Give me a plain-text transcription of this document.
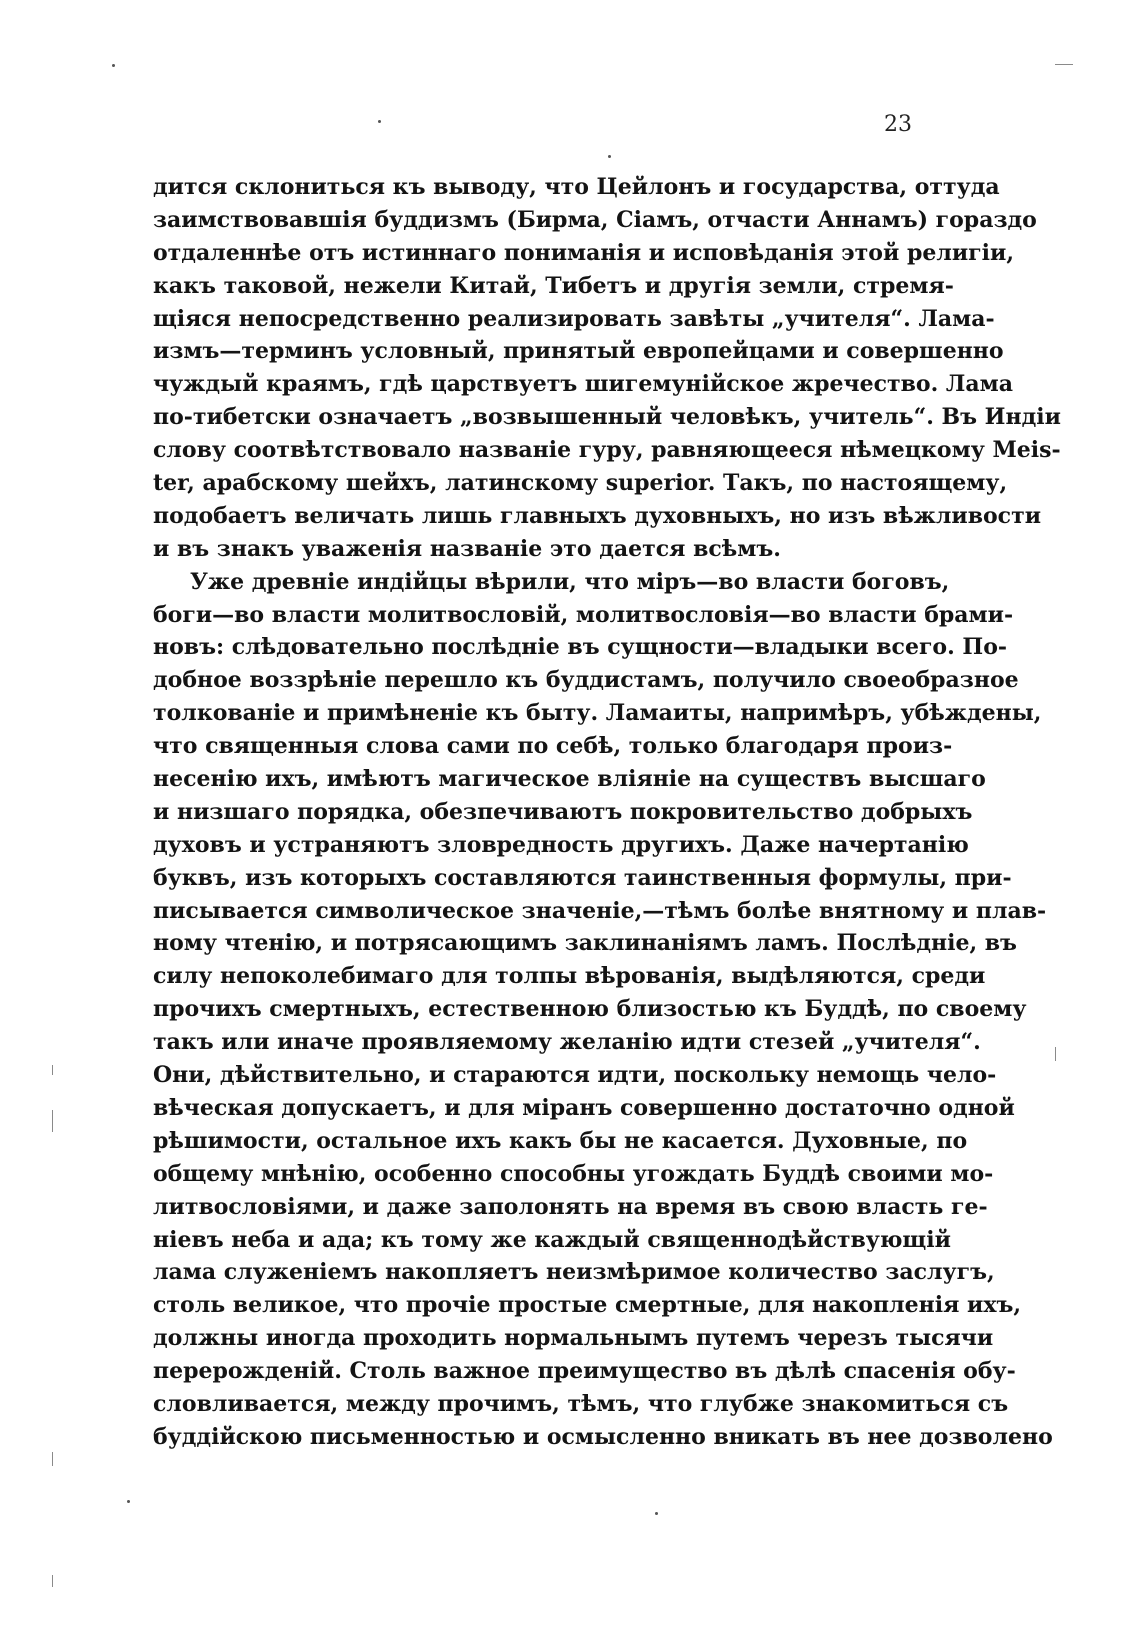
23
дится склониться къ выводу, что Цейлонъ и государства, оттуда
заимствовавшія буддизмъ (Бирма, Сіамъ, отчасти Аннамъ) гораздо
отдаленнѣе отъ истиннаго пониманія и исповѣданія этой религіи,
какъ таковой, нежели Китай, Тибетъ и другія земли, стремя-
щіяся непосредственно реализировать завѣты „учителя“. Лама-
измъ—терминъ условный, принятый европейцами и совершенно
чуждый краямъ, гдѣ царствуетъ шигемунійское жречество. Лама
по-тибетски означаетъ „возвышенный человѣкъ, учитель“. Въ Индіи
слову соотвѣтствовало названіе гуру, равняющееся нѣмецкому Meis-
ter, арабскому шейхъ, латинскому superior. Такъ, по настоящему,
подобаетъ величать лишь главныхъ духовныхъ, но изъ вѣжливости
и въ знакъ уваженія названіе это дается всѣмъ.
Уже древніе индійцы вѣрили, что міръ—во власти боговъ,
боги—во власти молитвословій, молитвословія—во власти брами-
новъ: слѣдовательно послѣдніе въ сущности—владыки всего. По-
добное воззрѣніе перешло къ буддистамъ, получило своеобразное
толкованіе и примѣненіе къ быту. Ламаиты, напримѣръ, убѣждены,
что священныя слова сами по себѣ, только благодаря произ-
несенію ихъ, имѣютъ магическое вліяніе на существъ высшаго
и низшаго порядка, обезпечиваютъ покровительство добрыхъ
духовъ и устраняютъ зловредность другихъ. Даже начертанію
буквъ, изъ которыхъ составляются таинственныя формулы, при-
писывается символическое значеніе,—тѣмъ болѣе внятному и плав-
ному чтенію, и потрясающимъ заклинаніямъ ламъ. Послѣдніе, въ
силу непоколебимаго для толпы вѣрованія, выдѣляются, среди
прочихъ смертныхъ, естественною близостью къ Буддѣ, по своему
такъ или иначе проявляемому желанію идти стезей „учителя“.
Они, дѣйствительно, и стараются идти, поскольку немощь чело-
вѣческая допускаетъ, и для міранъ совершенно достаточно одной
рѣшимости, остальное ихъ какъ бы не касается. Духовные, по
общему мнѣнію, особенно способны угождать Буддѣ своими мо-
литвословіями, и даже заполонять на время въ свою власть ге-
ніевъ неба и ада; къ тому же каждый священнодѣйствующій
лама служеніемъ накопляетъ неизмѣримое количество заслугъ,
столь великое, что прочіе простые смертные, для накопленія ихъ,
должны иногда проходить нормальнымъ путемъ черезъ тысячи
перерожденій. Столь важное преимущество въ дѣлѣ спасенія обу-
словливается, между прочимъ, тѣмъ, что глубже знакомиться съ
буддійскою письменностью и осмысленно вникать въ нее дозволено
